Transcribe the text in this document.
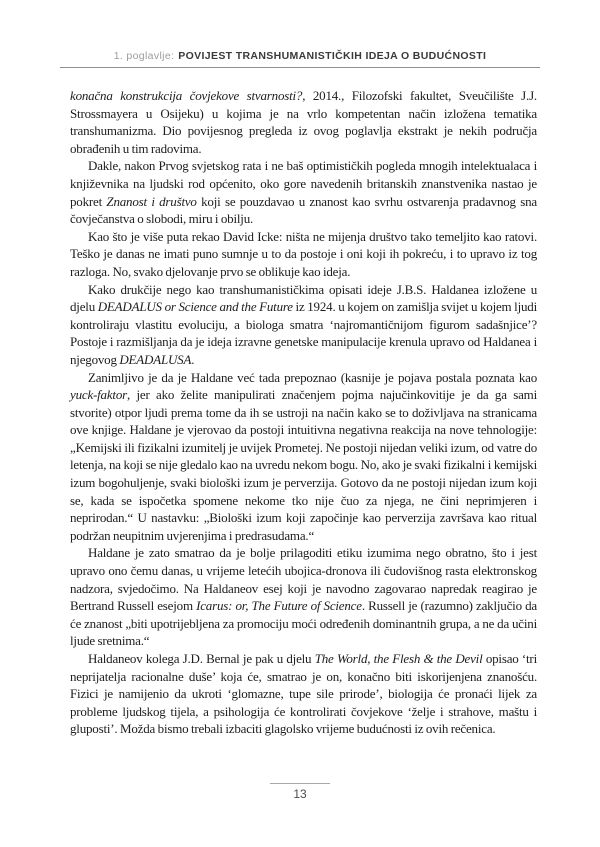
1. poglavlje: POVIJEST TRANSHUMANISTIČKIH IDEJA O BUDUĆNOSTI

konačna konstrukcija čovjekove stvarnosti?, 2014., Filozofski fakultet, Sveučilište J.J. Strossmayera u Osijeku) u kojima je na vrlo kompetentan način izložena tematika transhumanizma. Dio povijesnog pregleda iz ovog poglavlja ekstrakt je nekih područja obrađenih u tim radovima.

Dakle, nakon Prvog svjetskog rata i ne baš optimističkih pogleda mnogih intelektualaca i književnika na ljudski rod općenito, oko gore navedenih britanskih znanstvenika nastao je pokret Znanost i društvo koji se pouzdavao u znanost kao svrhu ostvarenja pradavnog sna čovječanstva o slobodi, miru i obilju.

Kao što je više puta rekao David Icke: ništa ne mijenja društvo tako temeljito kao ratovi. Teško je danas ne imati puno sumnje u to da postoje i oni koji ih pokreću, i to upravo iz tog razloga. No, svako djelovanje prvo se oblikuje kao ideja.

Kako drukčije nego kao transhumanističkima opisati ideje J.B.S. Haldanea izložene u djelu DEADALUS or Science and the Future iz 1924. u kojem on zamišlja svijet u kojem ljudi kontroliraju vlastitu evoluciju, a biologa smatra ‘najromantičnijom figurom sadašnjice’? Postoje i razmišljanja da je ideja izravne genetske manipulacije krenula upravo od Haldanea i njegovog DEADALUSA.

Zanimljivo je da je Haldane već tada prepoznao (kasnije je pojava postala poznata kao yuck-faktor, jer ako želite manipulirati značenjem pojma najučinkovitije je da ga sami stvorite) otpor ljudi prema tome da ih se ustroji na način kako se to doživljava na stranicama ove knjige. Haldane je vjerovao da postoji intuitivna negativna reakcija na nove tehnologije: „Kemijski ili fizikalni izumitelj je uvijek Prometej. Ne postoji nijedan veliki izum, od vatre do letenja, na koji se nije gledalo kao na uvredu nekom bogu. No, ako je svaki fizikalni i kemijski izum bogohuljenje, svaki biološki izum je perverzija. Gotovo da ne postoji nijedan izum koji se, kada se ispočetka spomene nekome tko nije čuo za njega, ne čini neprimjeren i neprirodan.“ U nastavku: „Biološki izum koji započinje kao perverzija završava kao ritual podržan neupitnim uvjerenjima i predrasudama.“

Haldane je zato smatrao da je bolje prilagoditi etiku izumima nego obratno, što i jest upravo ono čemu danas, u vrijeme letećih ubojica-dronova ili čudovišnog rasta elektronskog nadzora, svjedočimo. Na Haldaneov esej koji je navodno zagovarao napredak reagirao je Bertrand Russell esejom Icarus: or, The Future of Science. Russell je (razumno) zaključio da će znanost „biti upotrijebljena za promociju moći određenih dominantnih grupa, a ne da učini ljude sretnima.“

Haldaneov kolega J.D. Bernal je pak u djelu The World, the Flesh & the Devil opisao ‘tri neprijatelja racionalne duše’ koja će, smatrao je on, konačno biti iskorijenjena znanošću. Fizici je namijenio da ukroti ‘glomazne, tupe sile prirode’, biologija će pronaći lijek za probleme ljudskog tijela, a psihologija će kontrolirati čovjekove ‘želje i strahove, maštu i gluposti’. Možda bismo trebali izbaciti glagolsko vrijeme budućnosti iz ovih rečenica.

13
